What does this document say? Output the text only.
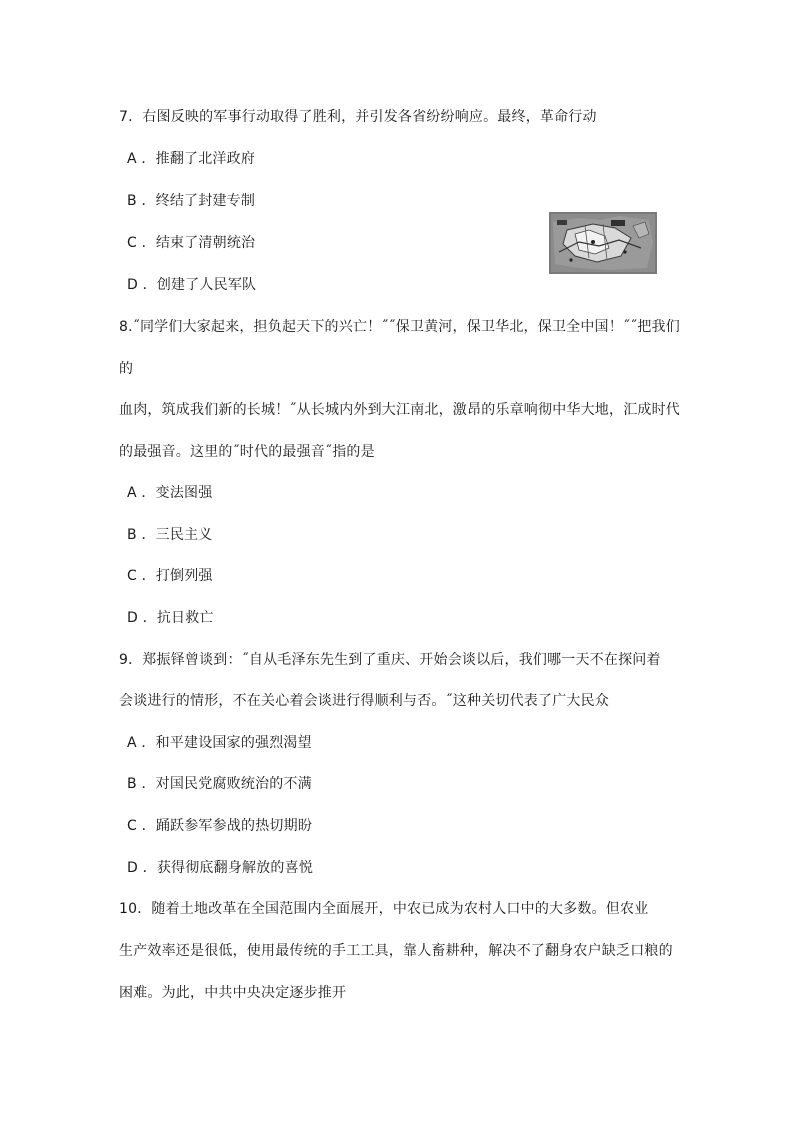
7．右图反映的军事行动取得了胜利，并引发各省纷纷响应。最终，革命行动
A ．推翻了北洋政府
B ．终结了封建专制
C ．结束了清朝统治
D ．创建了人民军队
8.˝同学们大家起来，担负起天下的兴亡！˝˝保卫黄河，保卫华北，保卫全中国！˝˝把我们
的
血肉，筑成我们新的长城！˝从长城内外到大江南北，激昂的乐章响彻中华大地，汇成时代
的最强音。这里的˝时代的最强音˝指的是
A ．变法图强
B ．三民主义
C ．打倒列强
D ．抗日救亡
9．郑振铎曾谈到：˝自从毛泽东先生到了重庆、开始会谈以后，我们哪一天不在探问着
会谈进行的情形，不在关心着会谈进行得顺利与否。˝这种关切代表了广大民众
A ．和平建设国家的强烈渴望
B ．对国民党腐败统治的不满
C ．踊跃参军参战的热切期盼
D ．获得彻底翻身解放的喜悦
10．随着土地改革在全国范围内全面展开，中农已成为农村人口中的大多数。但农业
生产效率还是很低，使用最传统的手工工具，靠人畜耕种，解决不了翻身农户缺乏口粮的
困难。为此，中共中央决定逐步推开
